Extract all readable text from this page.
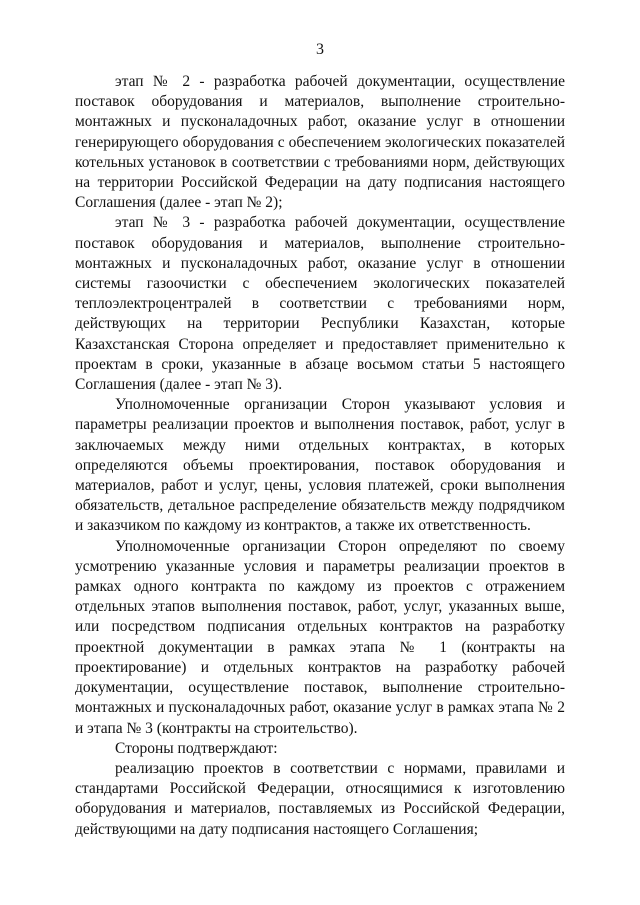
3

этап № 2 - разработка рабочей документации, осуществление поставок оборудования и материалов, выполнение строительно-монтажных и пусконаладочных работ, оказание услуг в отношении генерирующего оборудования с обеспечением экологических показателей котельных установок в соответствии с требованиями норм, действующих на территории Российской Федерации на дату подписания настоящего Соглашения (далее - этап № 2);

этап № 3 - разработка рабочей документации, осуществление поставок оборудования и материалов, выполнение строительно-монтажных и пусконаладочных работ, оказание услуг в отношении системы газоочистки с обеспечением экологических показателей теплоэлектроцентралей в соответствии с требованиями норм, действующих на территории Республики Казахстан, которые Казахстанская Сторона определяет и предоставляет применительно к проектам в сроки, указанные в абзаце восьмом статьи 5 настоящего Соглашения (далее - этап № 3).

Уполномоченные организации Сторон указывают условия и параметры реализации проектов и выполнения поставок, работ, услуг в заключаемых между ними отдельных контрактах, в которых определяются объемы проектирования, поставок оборудования и материалов, работ и услуг, цены, условия платежей, сроки выполнения обязательств, детальное распределение обязательств между подрядчиком и заказчиком по каждому из контрактов, а также их ответственность.

Уполномоченные организации Сторон определяют по своему усмотрению указанные условия и параметры реализации проектов в рамках одного контракта по каждому из проектов с отражением отдельных этапов выполнения поставок, работ, услуг, указанных выше, или посредством подписания отдельных контрактов на разработку проектной документации в рамках этапа № 1 (контракты на проектирование) и отдельных контрактов на разработку рабочей документации, осуществление поставок, выполнение строительно-монтажных и пусконаладочных работ, оказание услуг в рамках этапа № 2 и этапа № 3 (контракты на строительство).

Стороны подтверждают:

реализацию проектов в соответствии с нормами, правилами и стандартами Российской Федерации, относящимися к изготовлению оборудования и материалов, поставляемых из Российской Федерации, действующими на дату подписания настоящего Соглашения;
